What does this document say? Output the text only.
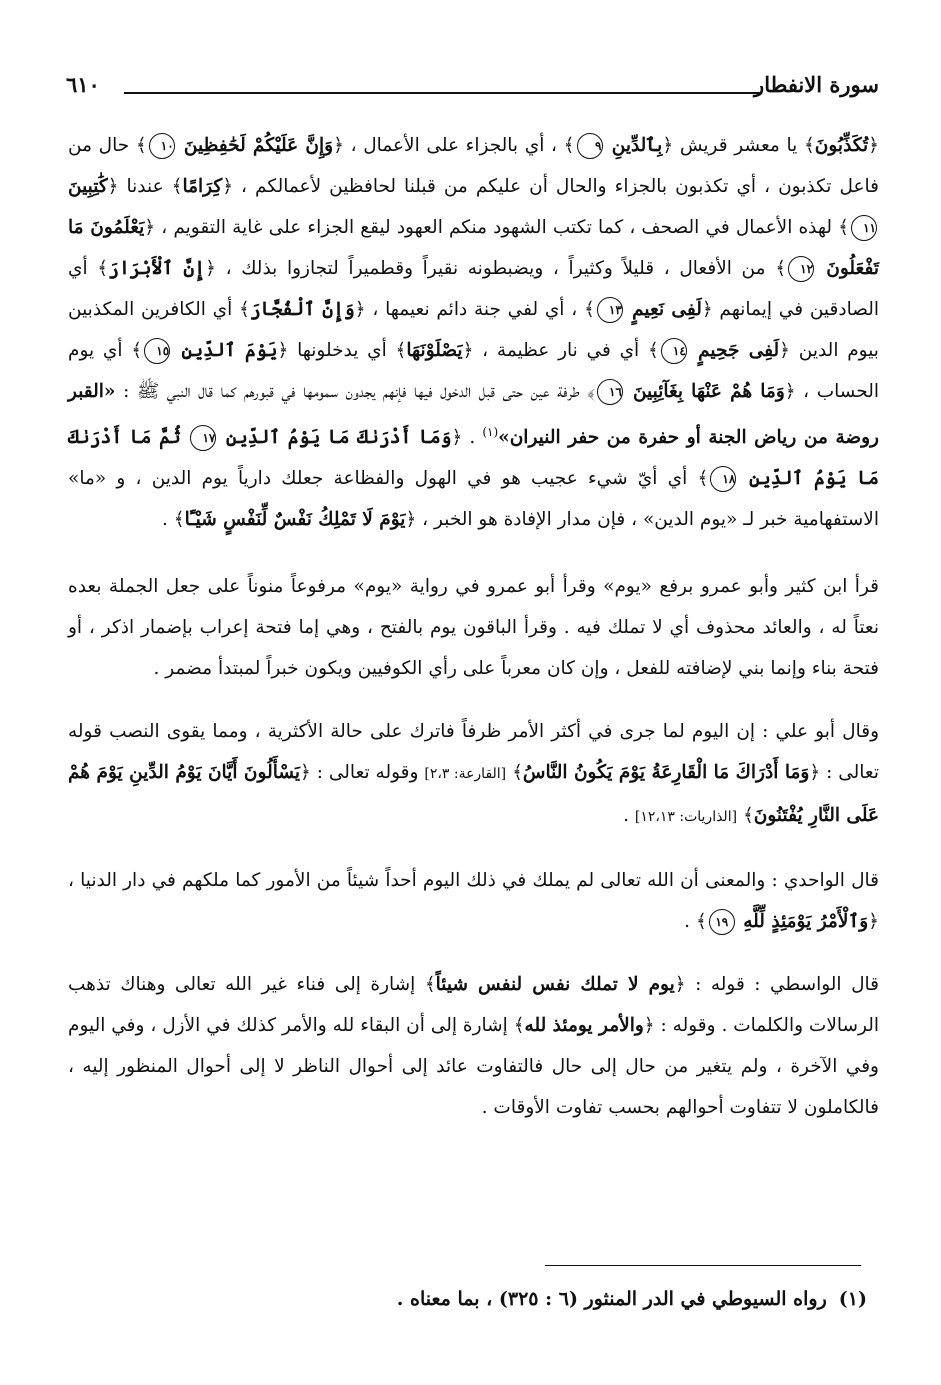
٦١٠	سورة الانفطار

﴿تُكَذِّبُونَ﴾ يا معشر قريش ﴿بِٱلدِّينِ ٩﴾ ، أي بالجزاء على الأعمال ، ﴿وَإِنَّ عَلَيْكُمْ لَحَٰفِظِينَ ١٠﴾ حال من فاعل تكذبون ، أي تكذبون بالجزاء والحال أن عليكم من قبلنا لحافظين لأعمالكم ، ﴿كِرَامًا﴾ عندنا ﴿كَٰتِبِينَ ١١﴾ لهذه الأعمال في الصحف ، كما تكتب الشهود منكم العهود ليقع الجزاء على غاية التقويم ، ﴿يَعْلَمُونَ مَا تَفْعَلُونَ ١٢﴾ من الأفعال ، قليلاً وكثيراً ، ويضبطونه نقيراً وقطميراً لتجازوا بذلك ، ﴿إِنَّ ٱلْأَبْرَارَ﴾ أي الصادقين في إيمانهم ﴿لَفِى نَعِيمٍ ١٣﴾ ، أي لفي جنة دائم نعيمها ، ﴿وَإِنَّ ٱلْفُجَّارَ﴾ أي الكافرين المكذبين بيوم الدين ﴿لَفِى جَحِيمٍ ١٤﴾ أي في نار عظيمة ، ﴿يَصْلَوْنَهَا﴾ أي يدخلونها ﴿يَوْمَ ٱلدِّينِ ١٥﴾ أي يوم الحساب ، ﴿وَمَا هُمْ عَنْهَا بِغَآئِبِينَ ١٦﴾ طرفة عين حتى قبل الدخول فيها فإنهم يجدون سمومها في قبورهم كما قال النبي ﷺ : «القبر روضة من رياض الجنة أو حفرة من حفر النيران»$^{(١)}$ . ﴿وَمَا أَدْرَىٰكَ مَا يَوْمُ ٱلدِّينِ ١٧ ثُمَّ مَا أَدْرَىٰكَ مَا يَوْمُ ٱلدِّينِ ١٨﴾ أي أيّ شيء عجيب هو في الهول والفظاعة جعلك دارياً يوم الدين ، و «ما» الاستفهامية خبر لـ «يوم الدين» ، فإن مدار الإفادة هو الخبر ، ﴿يَوْمَ لَا تَمْلِكُ نَفْسٌ لِّنَفْسٍ شَيْـًٔا﴾ .

قرأ ابن كثير وأبو عمرو برفع «يوم» وقرأ أبو عمرو في رواية «يوم» مرفوعاً منوناً على جعل الجملة بعده نعتاً له ، والعائد محذوف أي لا تملك فيه . وقرأ الباقون يوم بالفتح ، وهي إما فتحة إعراب بإضمار اذكر ، أو فتحة بناء وإنما بني لإضافته للفعل ، وإن كان معرباً على رأي الكوفيين ويكون خبراً لمبتدأ مضمر .

وقال أبو علي : إن اليوم لما جرى في أكثر الأمر ظرفاً فاترك على حالة الأكثرية ، ومما يقوى النصب قوله تعالى : ﴿وَمَا أَدْرَاكَ مَا الْقَارِعَةُ يَوْمَ يَكُونُ النَّاسُ﴾ [القارعة: ٢،٣] وقوله تعالى : ﴿يَسْأَلُونَ أَيَّانَ يَوْمُ الدِّينِ يَوْمَ هُمْ عَلَى النَّارِ يُفْتَنُونَ﴾ [الذاريات: ١٢،١٣] .

قال الواحدي : والمعنى أن الله تعالى لم يملك في ذلك اليوم أحداً شيئاً من الأمور كما ملكهم في دار الدنيا ، ﴿وَٱلْأَمْرُ يَوْمَئِذٍ لِّلَّهِ ١٩﴾ .

قال الواسطي : قوله : ﴿يوم لا تملك نفس لنفس شيئاً﴾ إشارة إلى فناء غير الله تعالى وهناك تذهب الرسالات والكلمات . وقوله : ﴿والأمر يومئذ لله﴾ إشارة إلى أن البقاء لله والأمر كذلك في الأزل ، وفي اليوم وفي الآخرة ، ولم يتغير من حال إلى حال فالتفاوت عائد إلى أحوال الناظر لا إلى أحوال المنظور إليه ، فالكاملون لا تتفاوت أحوالهم بحسب تفاوت الأوقات .

(١)رواه السيوطي في الدر المنثور (٦ : ٣٢٥) ، بما معناه .
